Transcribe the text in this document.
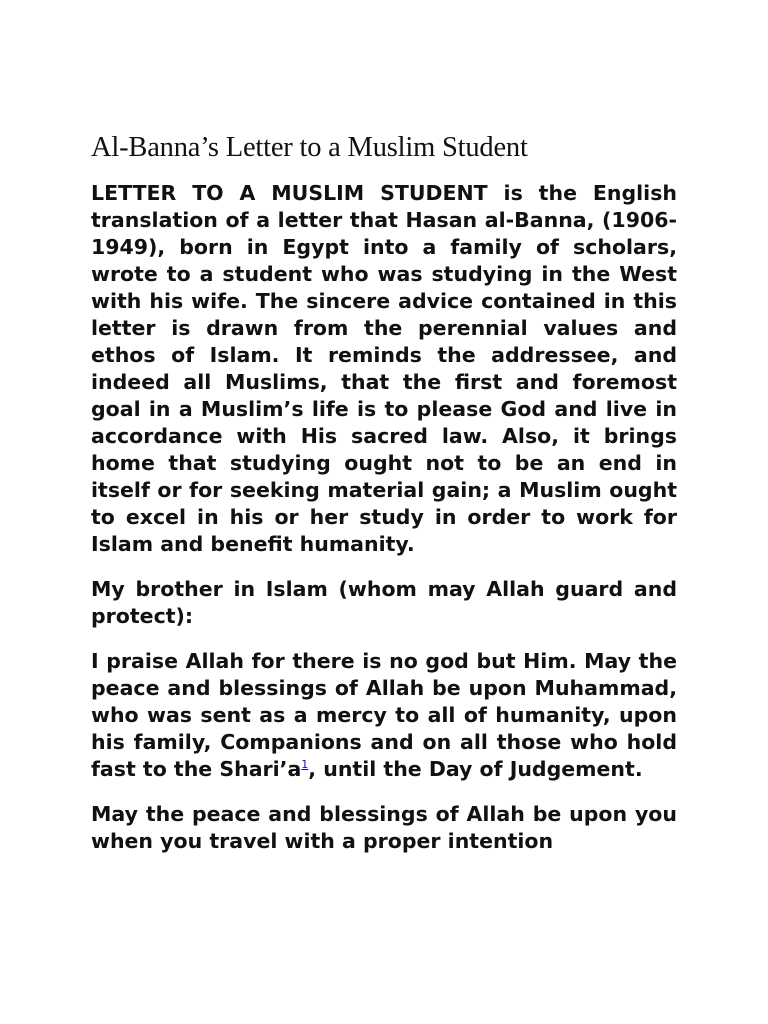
Al-Banna’s Letter to a Muslim Student

LETTER TO A MUSLIM STUDENT is the English translation of a letter that Hasan al-Banna, (1906-1949), born in Egypt into a family of scholars, wrote to a student who was studying in the West with his wife. The sincere advice contained in this letter is drawn from the perennial values and ethos of Islam. It reminds the addressee, and indeed all Muslims, that the first and foremost goal in a Muslim’s life is to please God and live in accordance with His sacred law. Also, it brings home that studying ought not to be an end in itself or for seeking material gain; a Muslim ought to excel in his or her study in order to work for Islam and benefit humanity.

My brother in Islam (whom may Allah guard and protect):

I praise Allah for there is no god but Him. May the peace and blessings of Allah be upon Muhammad, who was sent as a mercy to all of humanity, upon his family, Companions and on all those who hold fast to the Shari’a$^1$, until the Day of Judgement.

May the peace and blessings of Allah be upon you when you travel with a proper intention
